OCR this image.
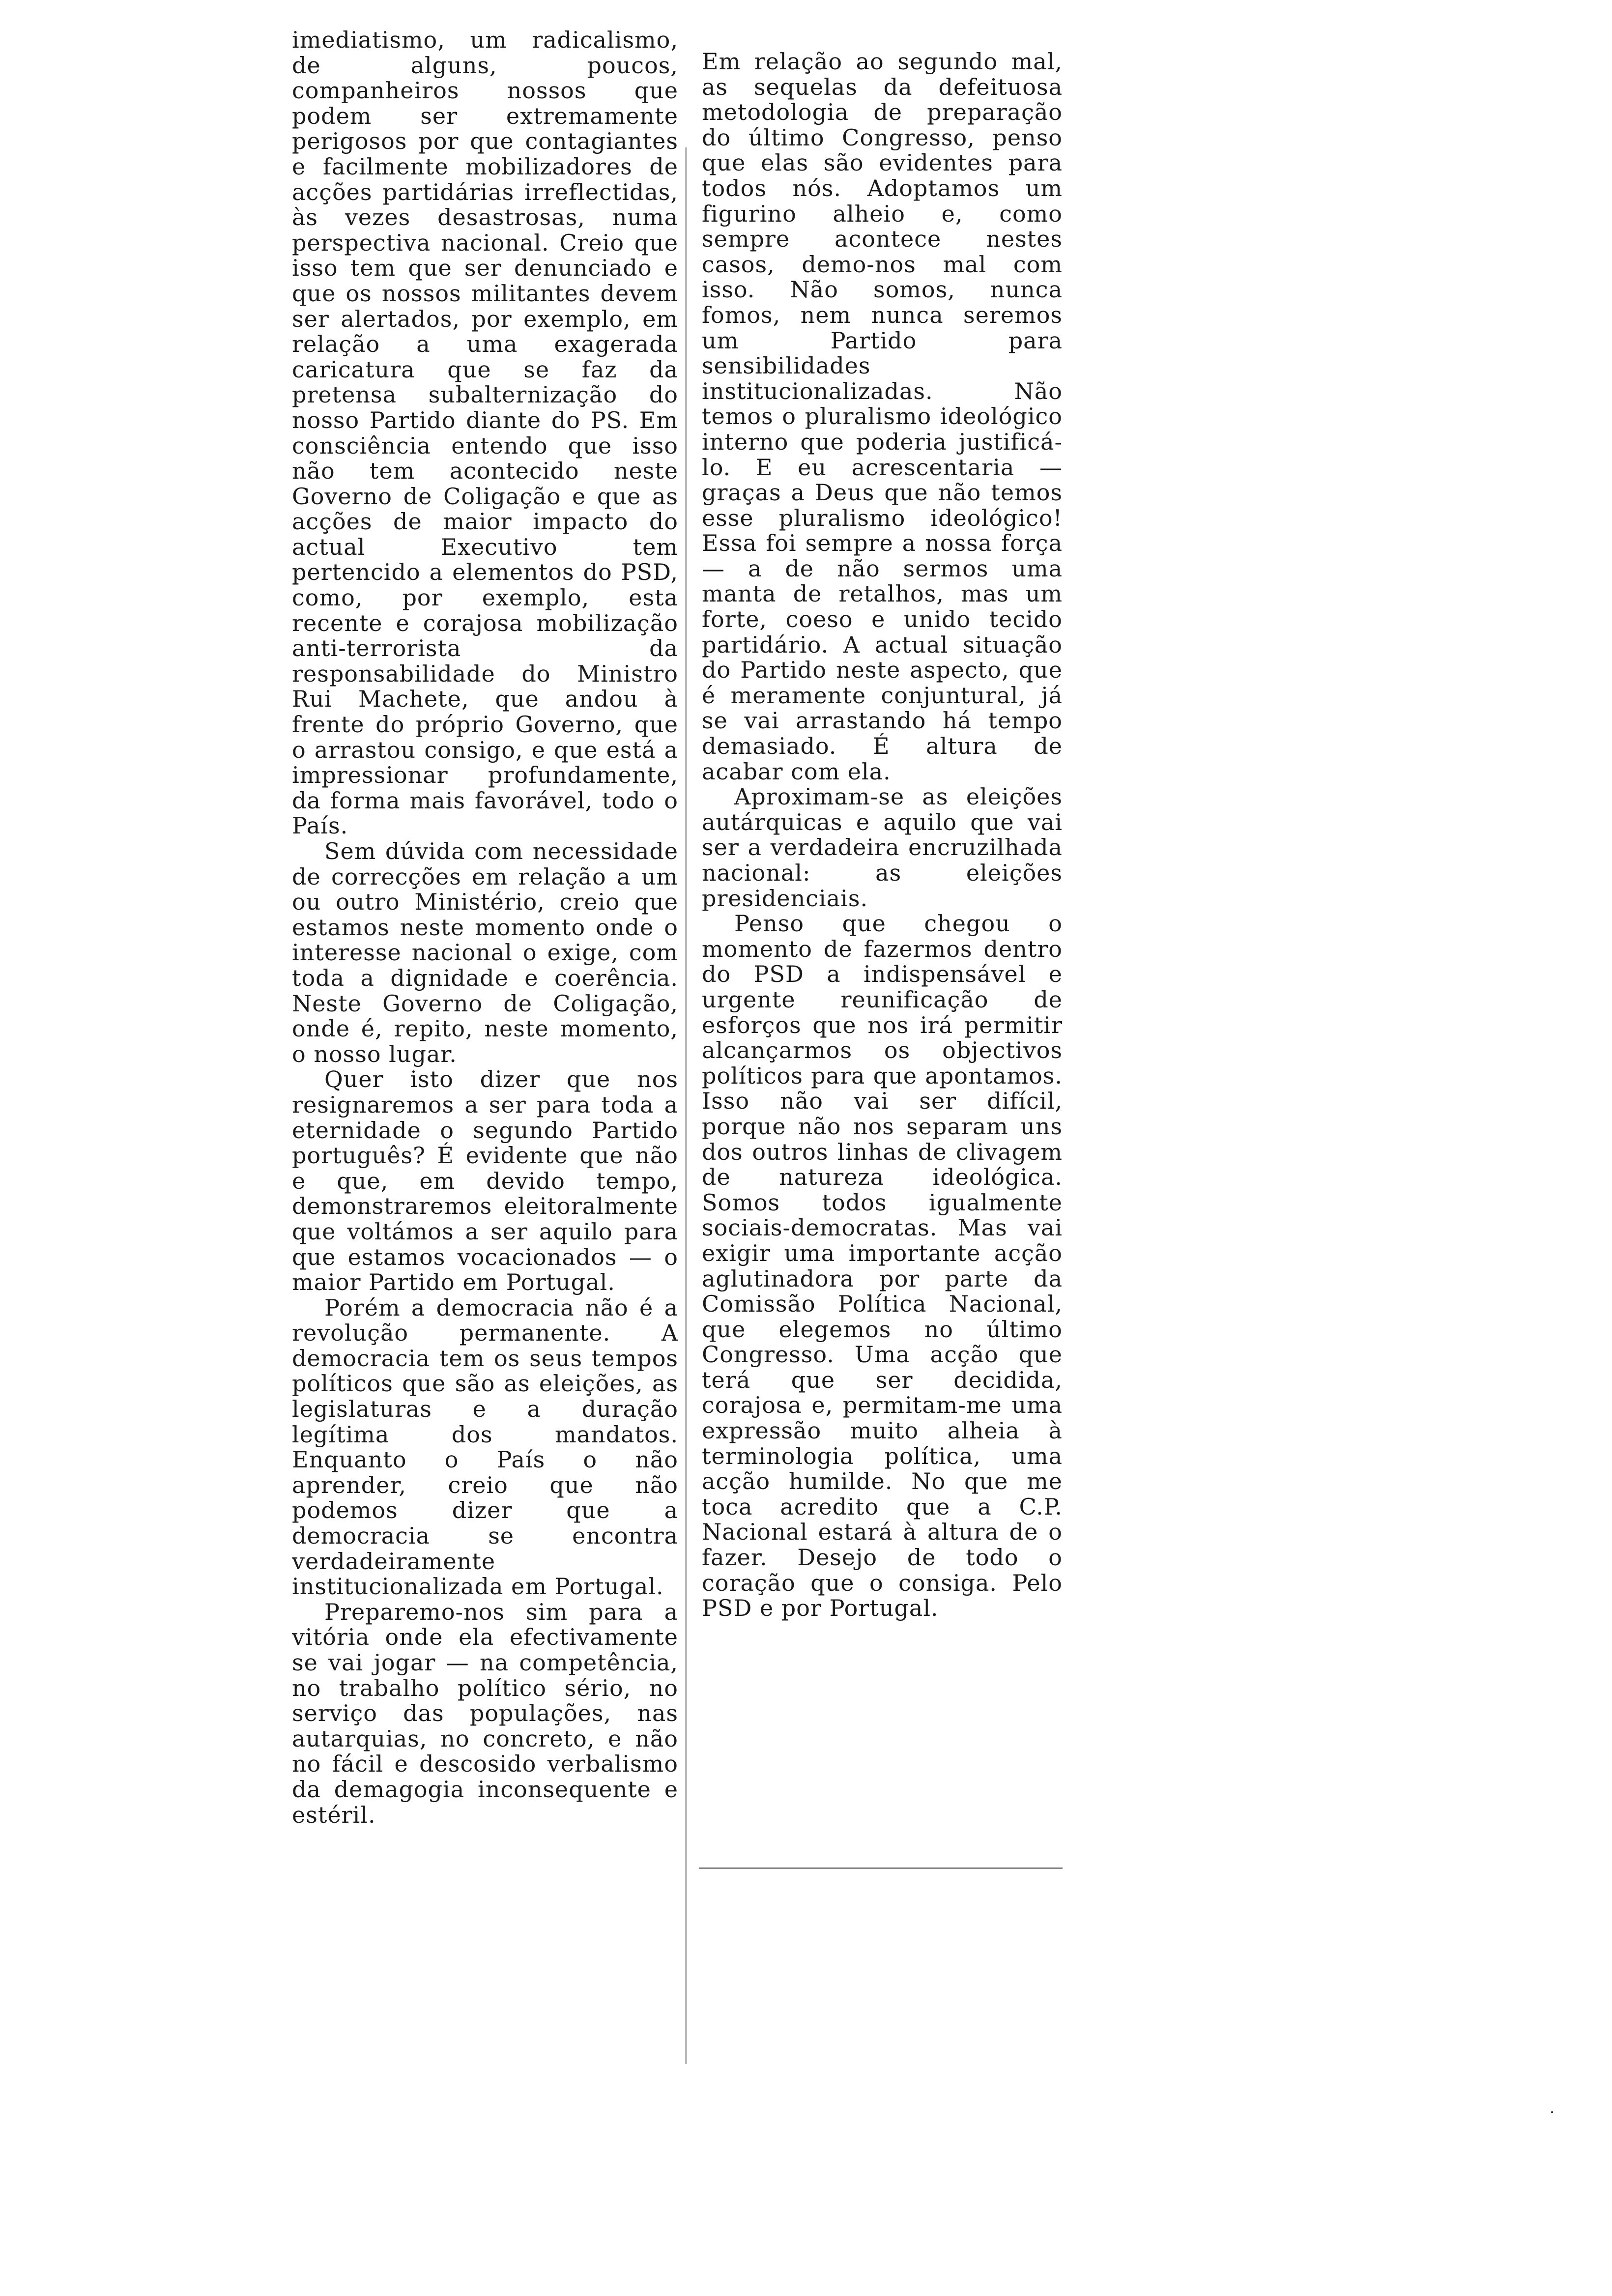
imediatismo, um radicalismo, de alguns, poucos, companheiros nossos que podem ser extremamente perigosos por que contagiantes e facilmente mobilizadores de acções partidárias irreflectidas, às vezes desastrosas, numa perspectiva nacional. Creio que isso tem que ser denunciado e que os nossos militantes devem ser alertados, por exemplo, em relação a uma exagerada caricatura que se faz da pretensa subalternização do nosso Partido diante do PS. Em consciência entendo que isso não tem acontecido neste Governo de Coligação e que as acções de maior impacto do actual Executivo tem pertencido a elementos do PSD, como, por exemplo, esta recente e corajosa mobilização anti-terrorista da responsabilidade do Ministro Rui Machete, que andou à frente do próprio Governo, que o arrastou consigo, e que está a impressionar profundamente, da forma mais favorável, todo o País.

Sem dúvida com necessidade de correcções em relação a um ou outro Ministério, creio que estamos neste momento onde o interesse nacional o exige, com toda a dignidade e coerência. Neste Governo de Coligação, onde é, repito, neste momento, o nosso lugar.

Quer isto dizer que nos resignaremos a ser para toda a eternidade o segundo Partido português? É evidente que não e que, em devido tempo, demonstraremos eleitoralmente que voltámos a ser aquilo para que estamos vocacionados — o maior Partido em Portugal.

Porém a democracia não é a revolução permanente. A democracia tem os seus tempos políticos que são as eleições, as legislaturas e a duração legítima dos mandatos. Enquanto o País o não aprender, creio que não podemos dizer que a democracia se encontra verdadeiramente institucionalizada em Portugal.

Preparemo-nos sim para a vitória onde ela efectivamente se vai jogar — na competência, no trabalho político sério, no serviço das populações, nas autarquias, no concreto, e não no fácil e descosido verbalismo da demagogia inconsequente e estéril.

Em relação ao segundo mal, as sequelas da defeituosa metodologia de preparação do último Congresso, penso que elas são evidentes para todos nós. Adoptamos um figurino alheio e, como sempre acontece nestes casos, demo-nos mal com isso. Não somos, nunca fomos, nem nunca seremos um Partido para sensibilidades institucionalizadas. Não temos o pluralismo ideológico interno que poderia justificá-lo. E eu acrescentaria — graças a Deus que não temos esse pluralismo ideológico! Essa foi sempre a nossa força — a de não sermos uma manta de retalhos, mas um forte, coeso e unido tecido partidário. A actual situação do Partido neste aspecto, que é meramente conjuntural, já se vai arrastando há tempo demasiado. É altura de acabar com ela.

Aproximam-se as eleições autárquicas e aquilo que vai ser a verdadeira encruzilhada nacional: as eleições presidenciais.

Penso que chegou o momento de fazermos dentro do PSD a indispensável e urgente reunificação de esforços que nos irá permitir alcançarmos os objectivos políticos para que apontamos. Isso não vai ser difícil, porque não nos separam uns dos outros linhas de clivagem de natureza ideológica. Somos todos igualmente sociais-democratas. Mas vai exigir uma importante acção aglutinadora por parte da Comissão Política Nacional, que elegemos no último Congresso. Uma acção que terá que ser decidida, corajosa e, permitam-me uma expressão muito alheia à terminologia política, uma acção humilde. No que me toca acredito que a C.P. Nacional estará à altura de o fazer. Desejo de todo o coração que o consiga. Pelo PSD e por Portugal.
